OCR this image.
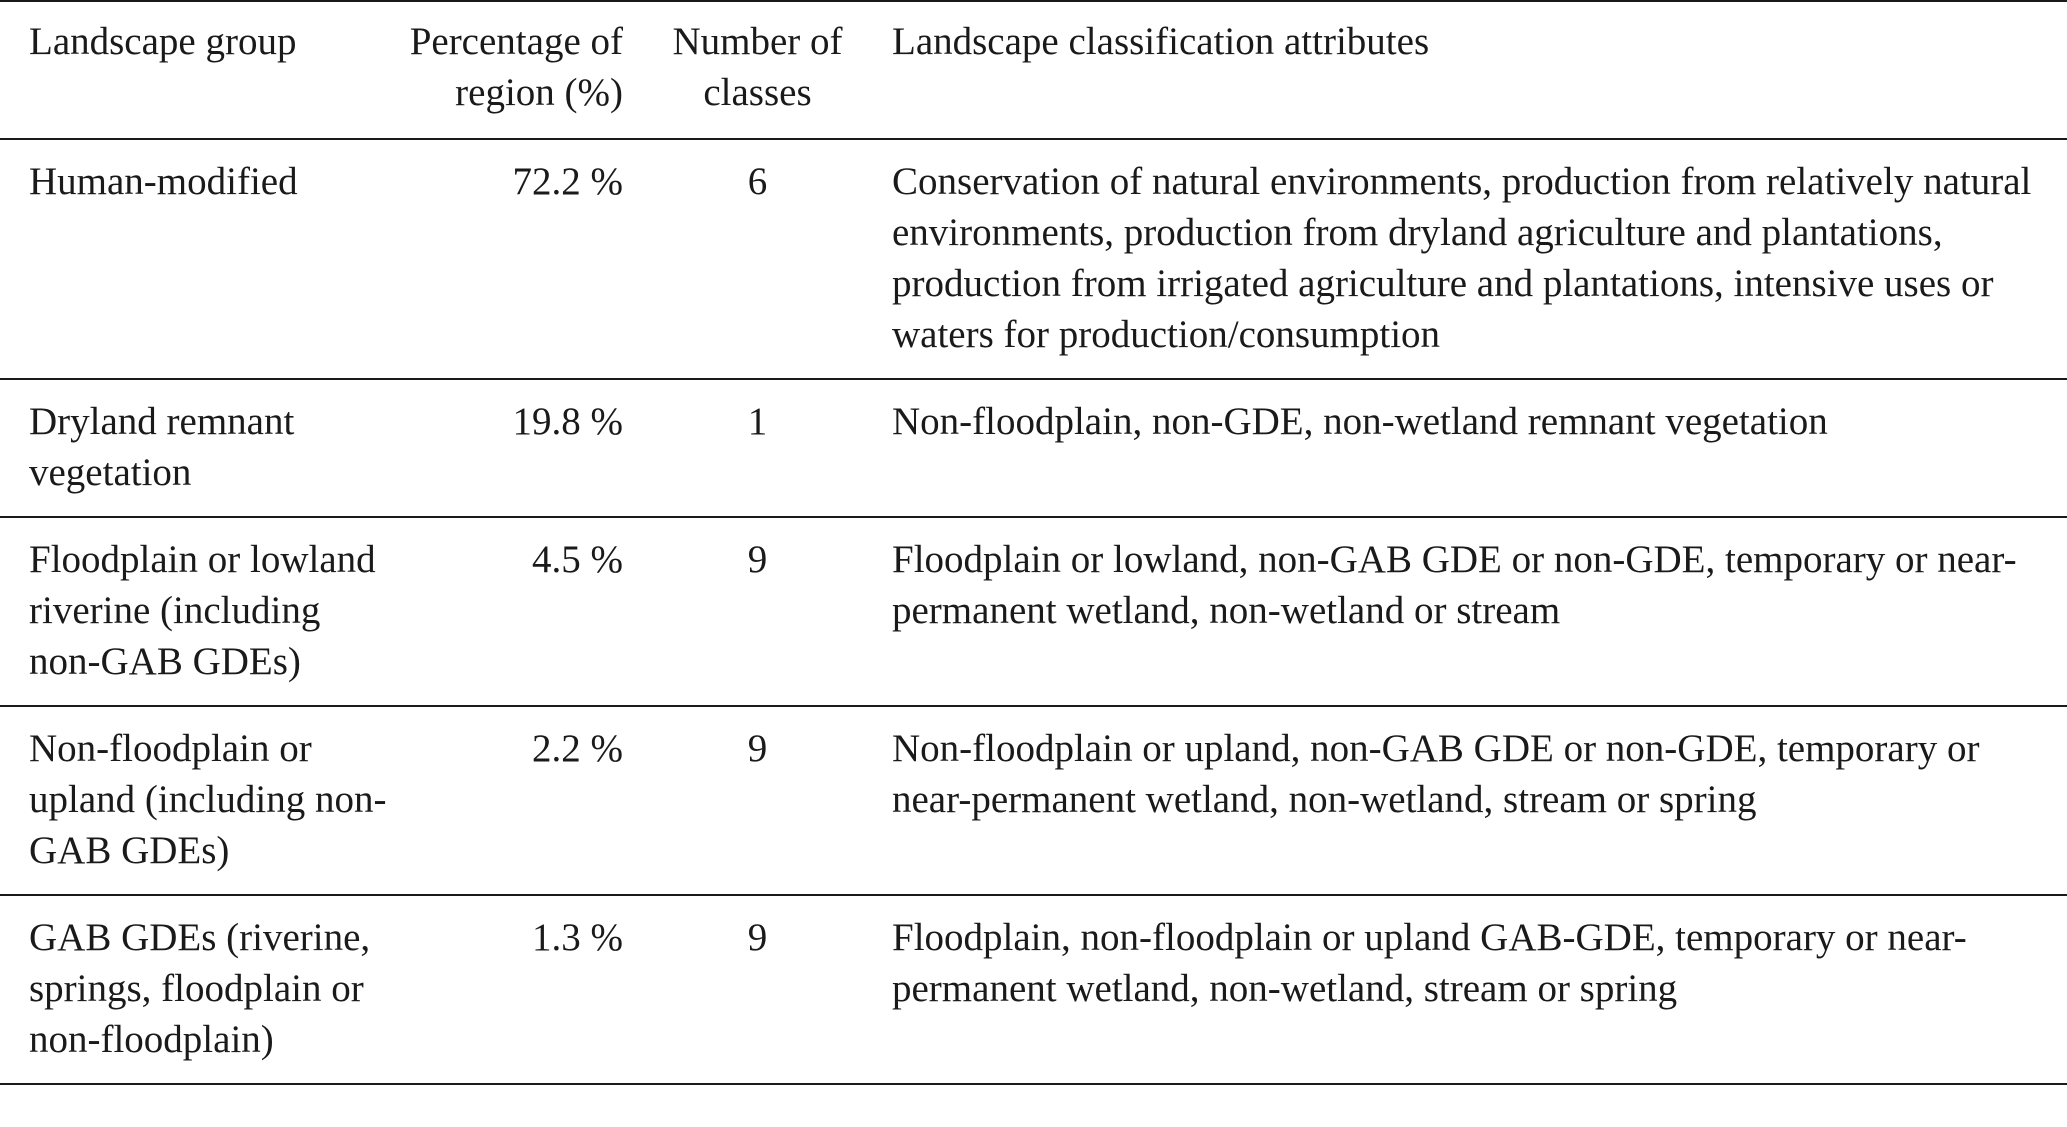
Landscape group	Percentage of region (%)	Number of classes	Landscape classification attributes
Human-modified	72.2 %	6	Conservation of natural environments, production from relatively natural environments, production from dryland agriculture and plantations, production from irrigated agriculture and plantations, intensive uses or waters for production/consumption
Dryland remnant vegetation	19.8 %	1	Non-floodplain, non-GDE, non-wetland remnant vegetation
Floodplain or lowland riverine (including non-GAB GDEs)	4.5 %	9	Floodplain or lowland, non-GAB GDE or non-GDE, temporary or near-permanent wetland, non-wetland or stream
Non-floodplain or upland (including non-GAB GDEs)	2.2 %	9	Non-floodplain or upland, non-GAB GDE or non-GDE, temporary or near-permanent wetland, non-wetland, stream or spring
GAB GDEs (riverine, springs, floodplain or non-floodplain)	1.3 %	9	Floodplain, non-floodplain or upland GAB-GDE, temporary or near-permanent wetland, non-wetland, stream or spring
